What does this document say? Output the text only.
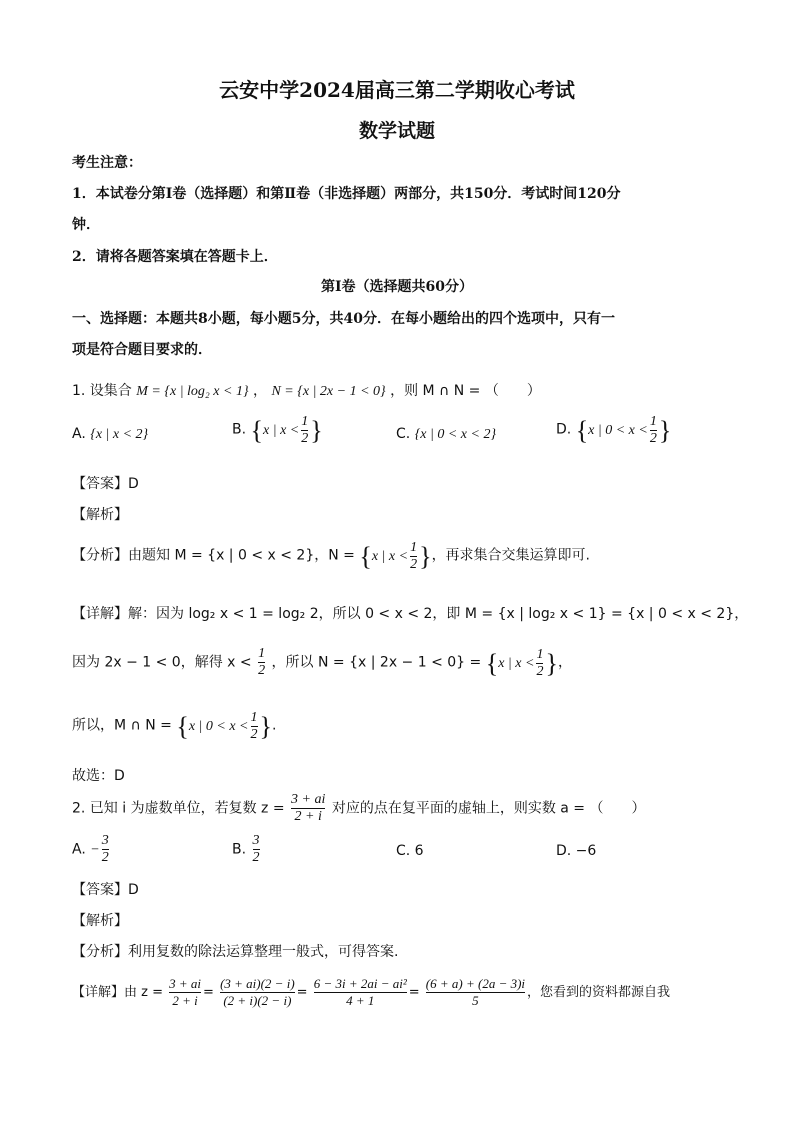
云安中学2024届高三第二学期收心考试
数学试题
考生注意：
1．本试卷分第Ⅰ卷（选择题）和第Ⅱ卷（非选择题）两部分，共150分．考试时间120分
钟．
2．请将各题答案填在答题卡上．
第Ⅰ卷（选择题共60分）
一、选择题：本题共8小题，每小题5分，共40分．在每小题给出的四个选项中，只有一
项是符合题目要求的．
1. 设集合 M = {x | log₂ x < 1} ， N = {x | 2x − 1 < 0} ，则 M ∩ N = （　　）
A. {x | x < 2}	B. {x | $x < \frac{1}{2}$ }	C. {x | 0 < x < 2}	D. {x | $0 < x < \frac{1}{2}$ }
【答案】D
【解析】
【分析】由题知 M = {x | 0 < x < 2}，N = {x | $x < \frac{1}{2}$ }，再求集合交集运算即可.
【详解】解：因为 log₂ x < 1 = log₂ 2，所以 0 < x < 2，即 M = {x | log₂ x < 1} = {x | 0 < x < 2}，
因为 2x − 1 < 0，解得 $x < \frac{1}{2}$ ，所以 N = {x | 2x − 1 < 0} = {x | $x < \frac{1}{2}$ }，
所以，M ∩ N = {x | $0 < x < \frac{1}{2}$ }.
故选：D
2. 已知 i 为虚数单位，若复数 $z = \frac{3 + ai}{2 + i}$ 对应的点在复平面的虚轴上，则实数 a = （　　）
A. − $\frac{3}{2}$	B. $\frac{3}{2}$	C. 6	D. −6
【答案】D
【解析】
【分析】利用复数的除法运算整理一般式，可得答案.
【详解】由 $z = \frac{3 + ai}{2 + i} = \frac{(3 + ai)(2 - i)}{(2 + i)(2 - i)} = \frac{\text{6 − 3i + 2ai − ai²}}{4 + 1} = \frac{(6 + a) + (2a - 3)i}{5}$ ，您看到的资料都源自我
